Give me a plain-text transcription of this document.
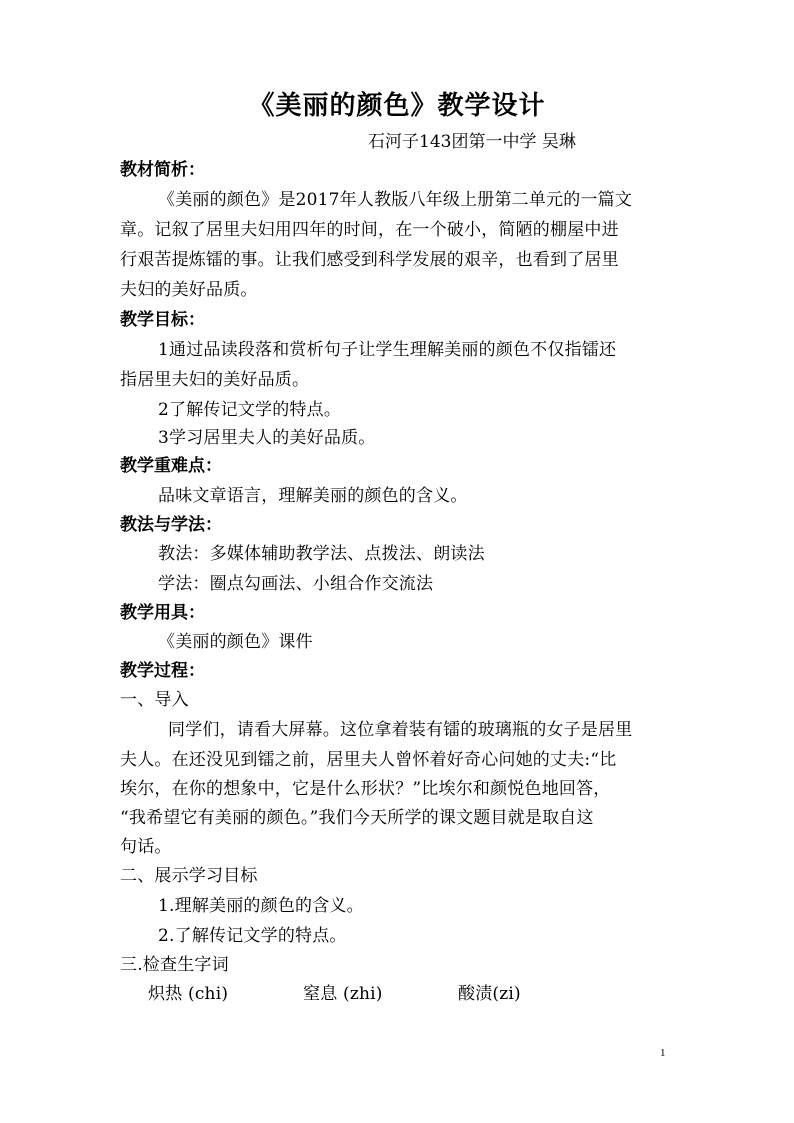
《美丽的颜色》教学设计
石河子143团第一中学 吴琳
教材简析：
《美丽的颜色》是2017年人教版八年级上册第二单元的一篇文
章。记叙了居里夫妇用四年的时间，在一个破小，简陋的棚屋中进
行艰苦提炼镭的事。让我们感受到科学发展的艰辛，也看到了居里
夫妇的美好品质。
教学目标：
1通过品读段落和赏析句子让学生理解美丽的颜色不仅指镭还
指居里夫妇的美好品质。
2了解传记文学的特点。
3学习居里夫人的美好品质。
教学重难点：
品味文章语言，理解美丽的颜色的含义。
教法与学法：
教法：多媒体辅助教学法、点拨法、朗读法
学法：圈点勾画法、小组合作交流法
教学用具：
《美丽的颜色》课件
教学过程：
一、导入
同学们，请看大屏幕。这位拿着装有镭的玻璃瓶的女子是居里
夫人。在还没见到镭之前，居里夫人曾怀着好奇心问她的丈夫:“比
埃尔，在你的想象中，它是什么形状？”比埃尔和颜悦色地回答，
“我希望它有美丽的颜色。”我们今天所学的课文题目就是取自这
句话。
二、展示学习目标
1.理解美丽的颜色的含义。
2.了解传记文学的特点。
三.检查生字词
炽热 (chi)	窒息 (zhi)	酸渍(zi)
1
